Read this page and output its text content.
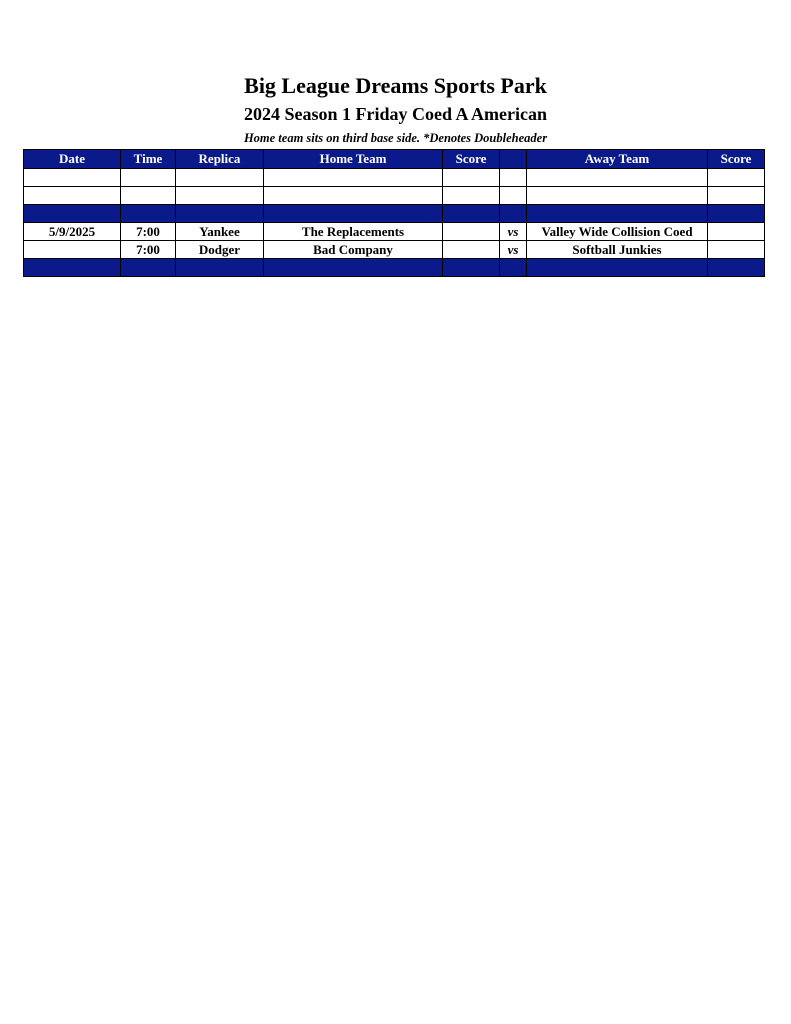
Big League Dreams Sports Park
2024 Season 1 Friday Coed A American
Home team sits on third base side. *Denotes Doubleheader
Date	Time	Replica	Home Team	Score		Away Team	Score

5/9/2025	7:00	Yankee	The Replacements		vs	Valley Wide Collision Coed	
	7:00	Dodger	Bad Company		vs	Softball Junkies	
